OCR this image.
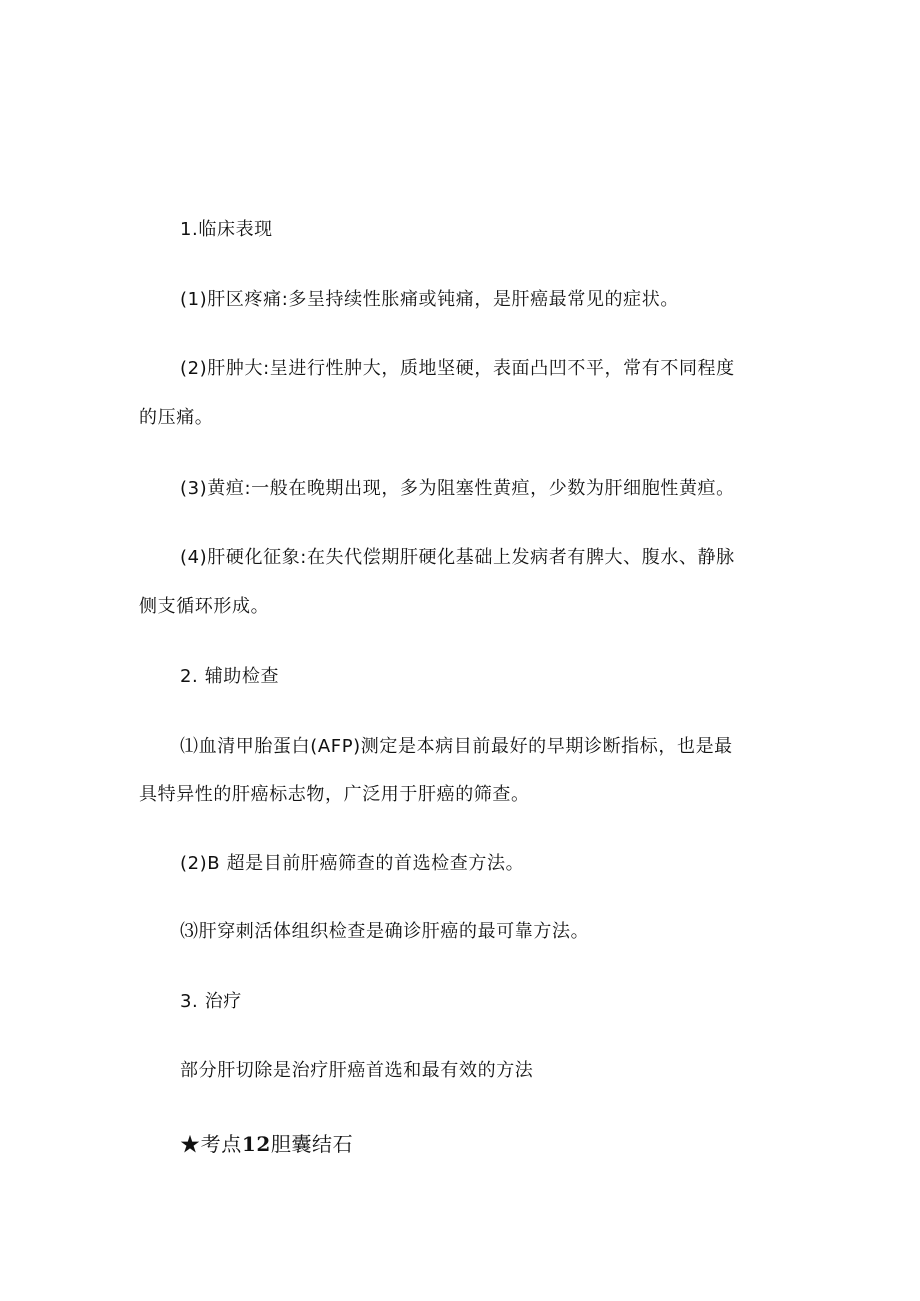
1.临床表现
(1)肝区疼痛:多呈持续性胀痛或钝痛，是肝癌最常见的症状。
(2)肝肿大:呈进行性肿大，质地坚硬，表面凸凹不平，常有不同程度
的压痛。
(3)黄疸:一般在晚期出现，多为阻塞性黄疸，少数为肝细胞性黄疸。
(4)肝硬化征象:在失代偿期肝硬化基础上发病者有脾大、腹水、静脉
侧支循环形成。
2. 辅助检查
⑴血清甲胎蛋白(AFP)测定是本病目前最好的早期诊断指标，也是最
具特异性的肝癌标志物，广泛用于肝癌的筛查。
(2)B 超是目前肝癌筛查的首选检查方法。
⑶肝穿刺活体组织检查是确诊肝癌的最可靠方法。
3. 治疗
部分肝切除是治疗肝癌首选和最有效的方法
★考点12胆囊结石
